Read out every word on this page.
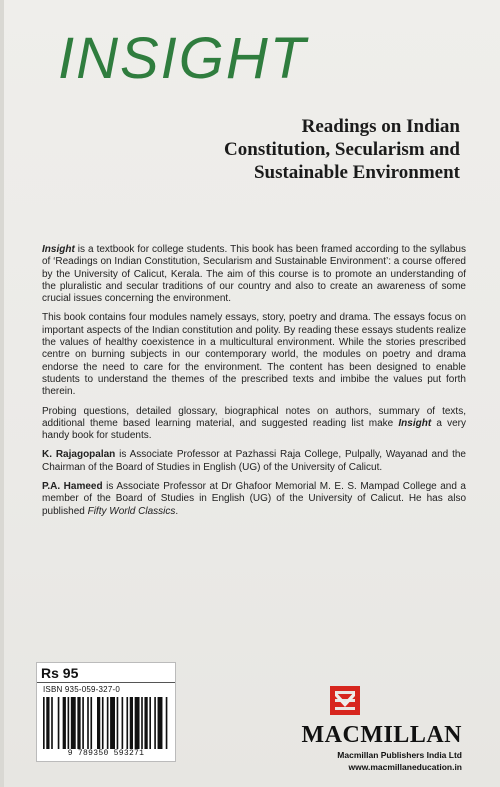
INSIGHT
Readings on Indian
Constitution, Secularism and
Sustainable Environment

Insight is a textbook for college students. This book has been framed according to the syllabus of ‘Readings on Indian Constitution, Secularism and Sustainable Environment’: a course offered by the University of Calicut, Kerala. The aim of this course is to promote an understanding of the pluralistic and secular traditions of our country and also to create an awareness of some crucial issues concerning the environment.

This book contains four modules namely essays, story, poetry and drama. The essays focus on important aspects of the Indian constitution and polity. By reading these essays students realize the values of healthy coexistence in a multicultural environment. While the stories prescribed centre on burning subjects in our contemporary world, the modules on poetry and drama endorse the need to care for the environment. The content has been designed to enable students to understand the themes of the prescribed texts and imbibe the values put forth therein.

Probing questions, detailed glossary, biographical notes on authors, summary of texts, additional theme based learning material, and suggested reading list make Insight a very handy book for students.

K. Rajagopalan is Associate Professor at Pazhassi Raja College, Pulpally, Wayanad and the Chairman of the Board of Studies in English (UG) of the University of Calicut.

P.A. Hameed is Associate Professor at Dr Ghafoor Memorial M. E. S. Mampad College and a member of the Board of Studies in English (UG) of the University of Calicut. He has also published Fifty World Classics.

Rs 95
ISBN 935-059-327-0
9 789350 593271
MACMILLAN
Macmillan Publishers India Ltd
www.macmillaneducation.in
